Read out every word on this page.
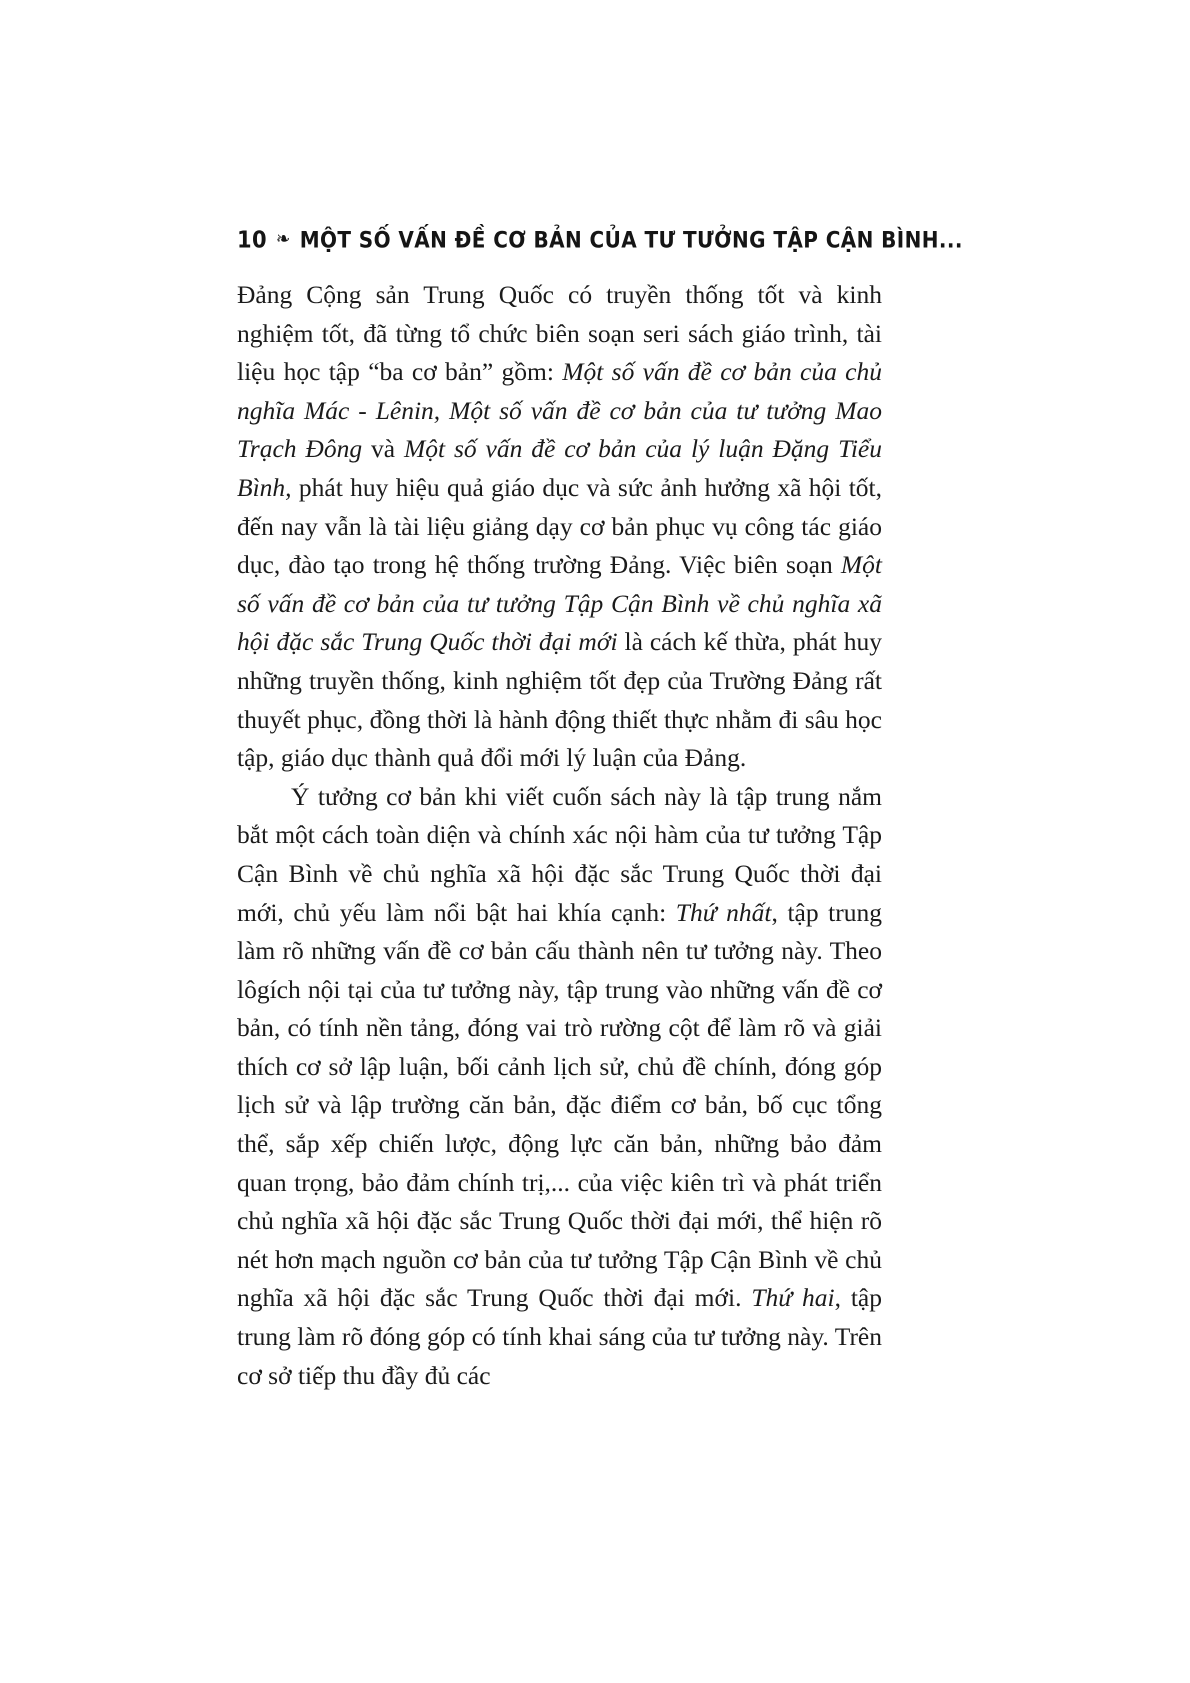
10 ❧ MỘT SỐ VẤN ĐỀ CƠ BẢN CỦA TƯ TƯỞNG TẬP CẬN BÌNH...

Đảng Cộng sản Trung Quốc có truyền thống tốt và kinh nghiệm tốt, đã từng tổ chức biên soạn seri sách giáo trình, tài liệu học tập “ba cơ bản” gồm: Một số vấn đề cơ bản của chủ nghĩa Mác - Lênin, Một số vấn đề cơ bản của tư tưởng Mao Trạch Đông và Một số vấn đề cơ bản của lý luận Đặng Tiểu Bình, phát huy hiệu quả giáo dục và sức ảnh hưởng xã hội tốt, đến nay vẫn là tài liệu giảng dạy cơ bản phục vụ công tác giáo dục, đào tạo trong hệ thống trường Đảng. Việc biên soạn Một số vấn đề cơ bản của tư tưởng Tập Cận Bình về chủ nghĩa xã hội đặc sắc Trung Quốc thời đại mới là cách kế thừa, phát huy những truyền thống, kinh nghiệm tốt đẹp của Trường Đảng rất thuyết phục, đồng thời là hành động thiết thực nhằm đi sâu học tập, giáo dục thành quả đổi mới lý luận của Đảng.

Ý tưởng cơ bản khi viết cuốn sách này là tập trung nắm bắt một cách toàn diện và chính xác nội hàm của tư tưởng Tập Cận Bình về chủ nghĩa xã hội đặc sắc Trung Quốc thời đại mới, chủ yếu làm nổi bật hai khía cạnh: Thứ nhất, tập trung làm rõ những vấn đề cơ bản cấu thành nên tư tưởng này. Theo lôgích nội tại của tư tưởng này, tập trung vào những vấn đề cơ bản, có tính nền tảng, đóng vai trò rường cột để làm rõ và giải thích cơ sở lập luận, bối cảnh lịch sử, chủ đề chính, đóng góp lịch sử và lập trường căn bản, đặc điểm cơ bản, bố cục tổng thể, sắp xếp chiến lược, động lực căn bản, những bảo đảm quan trọng, bảo đảm chính trị,... của việc kiên trì và phát triển chủ nghĩa xã hội đặc sắc Trung Quốc thời đại mới, thể hiện rõ nét hơn mạch nguồn cơ bản của tư tưởng Tập Cận Bình về chủ nghĩa xã hội đặc sắc Trung Quốc thời đại mới. Thứ hai, tập trung làm rõ đóng góp có tính khai sáng của tư tưởng này. Trên cơ sở tiếp thu đầy đủ các
